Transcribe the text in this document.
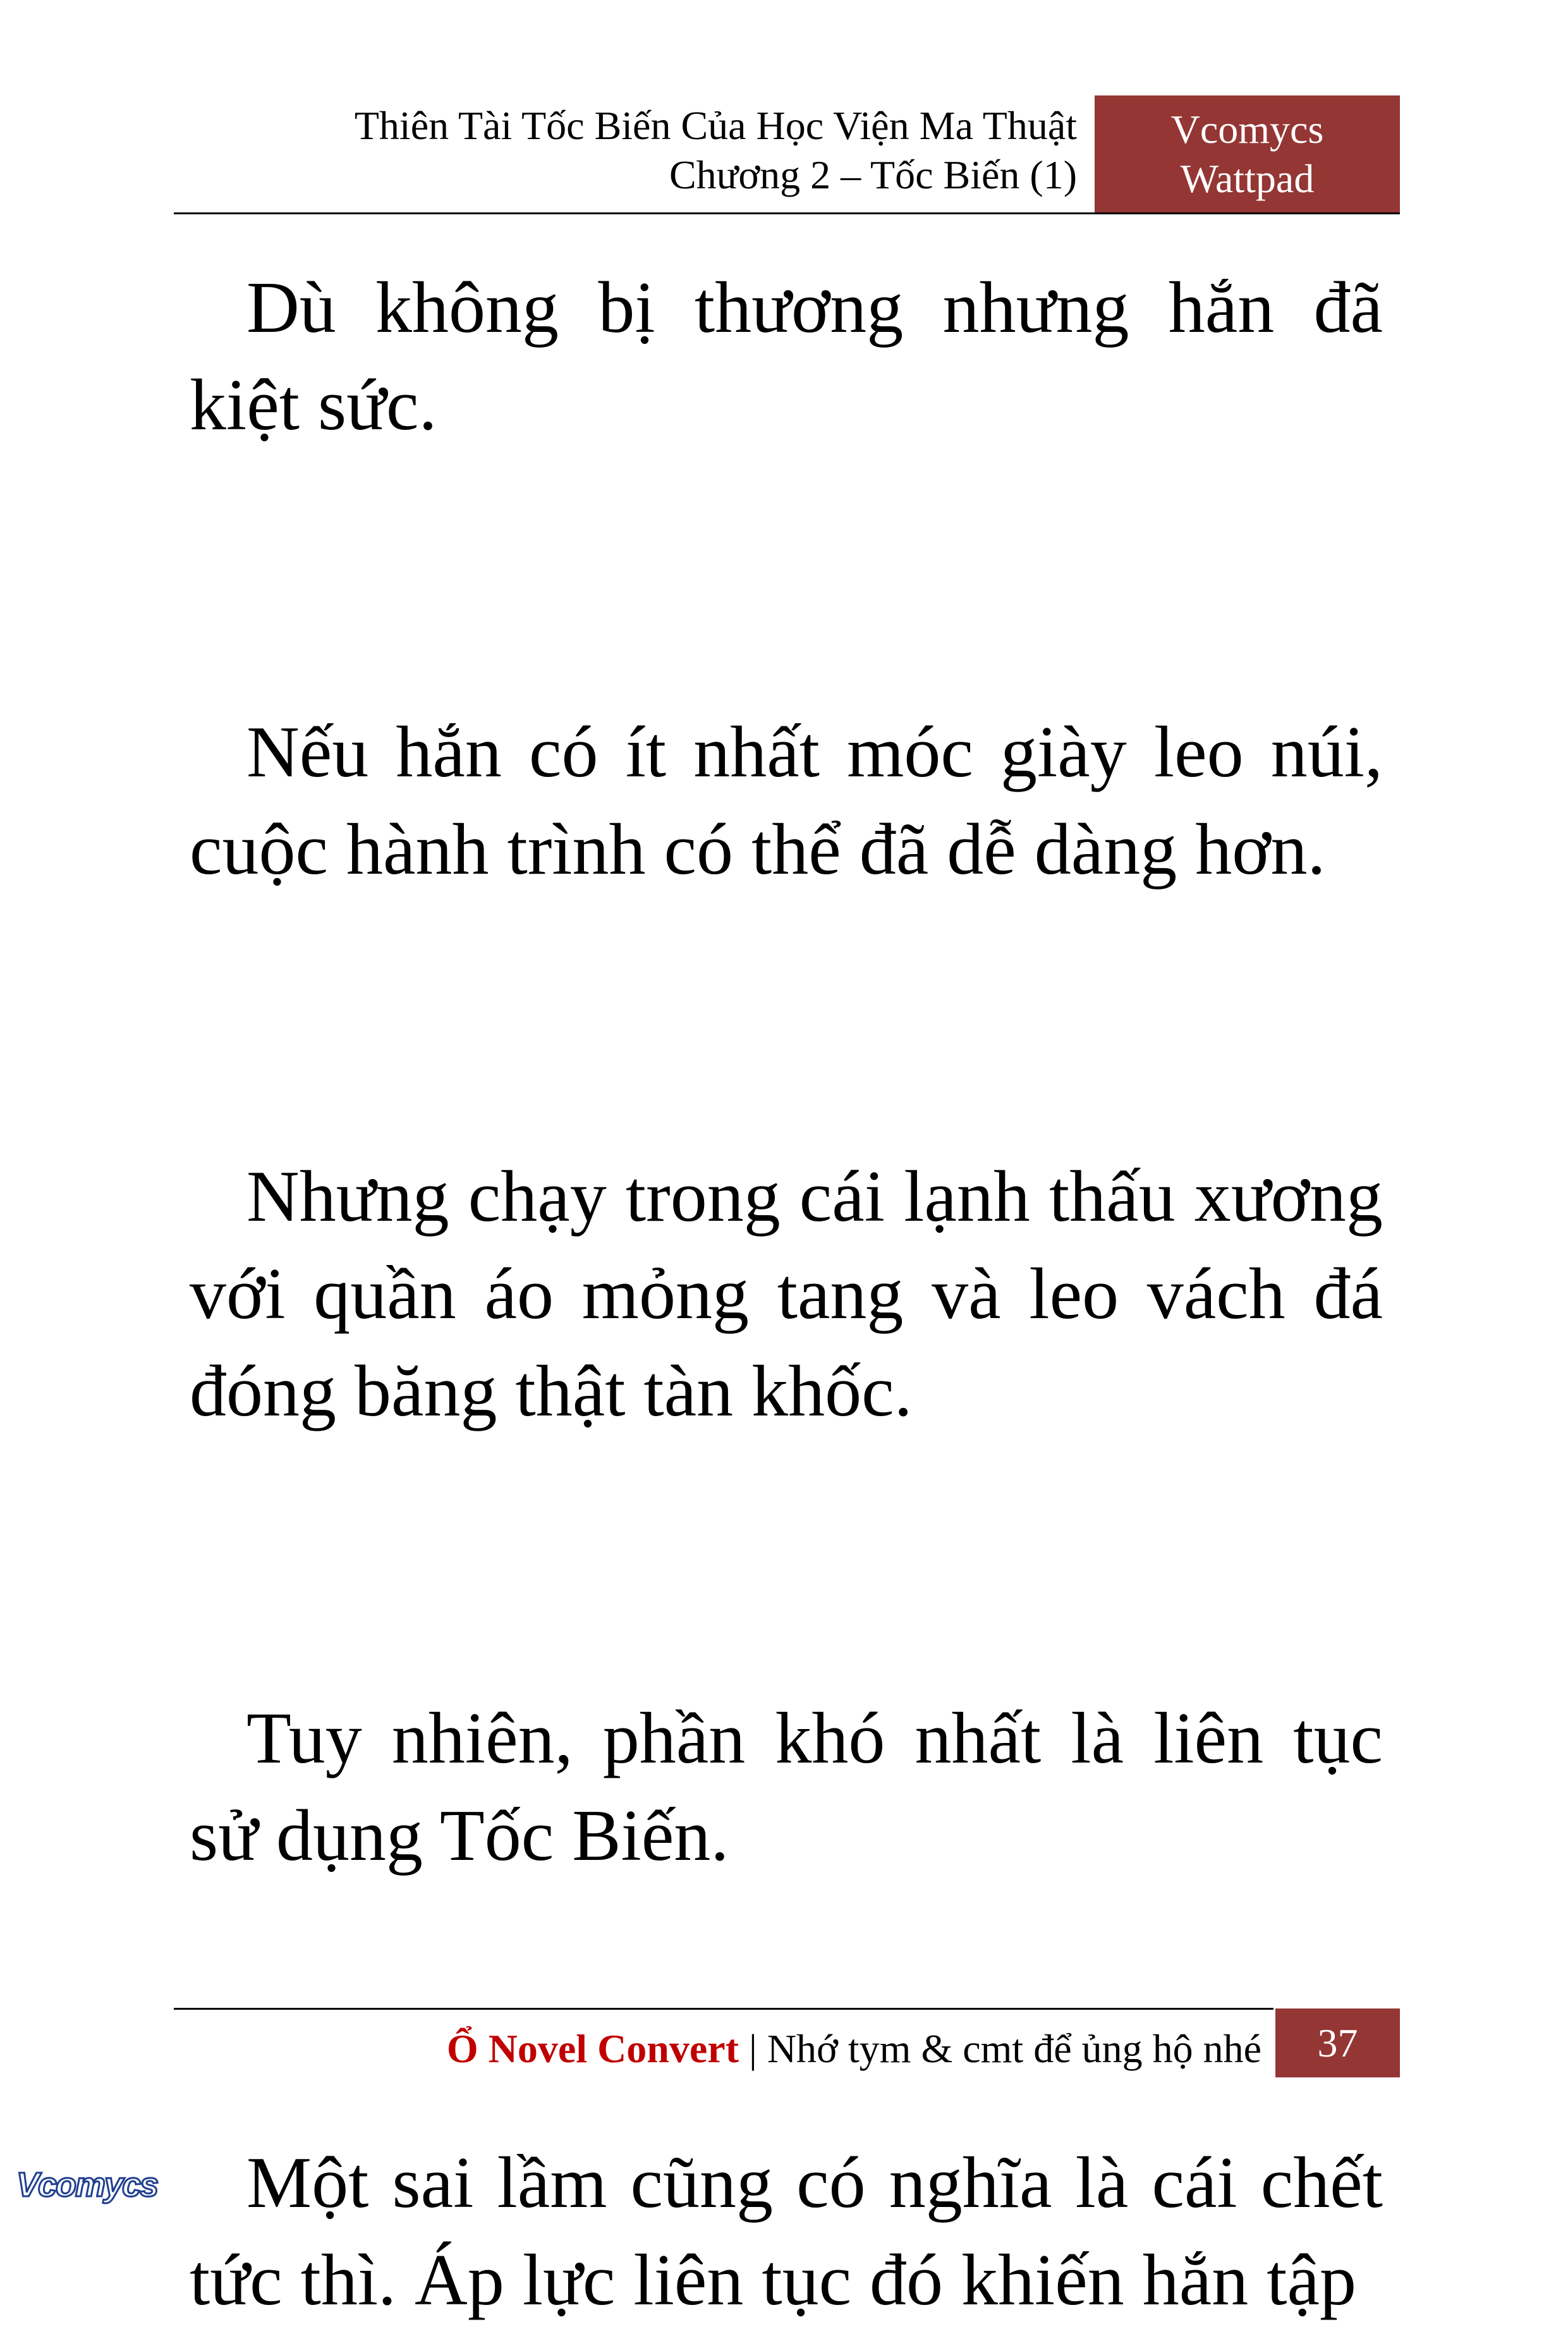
Thiên Tài Tốc Biến Của Học Viện Ma Thuật
Chương 2 – Tốc Biến (1)
Vcomycs
Wattpad

Dù không bị thương nhưng hắn đã kiệt sức.

Nếu hắn có ít nhất móc giày leo núi, cuộc hành trình có thể đã dễ dàng hơn.

Nhưng chạy trong cái lạnh thấu xương với quần áo mỏng tang và leo vách đá đóng băng thật tàn khốc.

Tuy nhiên, phần khó nhất là liên tục sử dụng Tốc Biến.

Một sai lầm cũng có nghĩa là cái chết tức thì. Áp lực liên tục đó khiến hắn tập

Ổ Novel Convert | Nhớ tym & cmt để ủng hộ nhé	37
Vcomycs
